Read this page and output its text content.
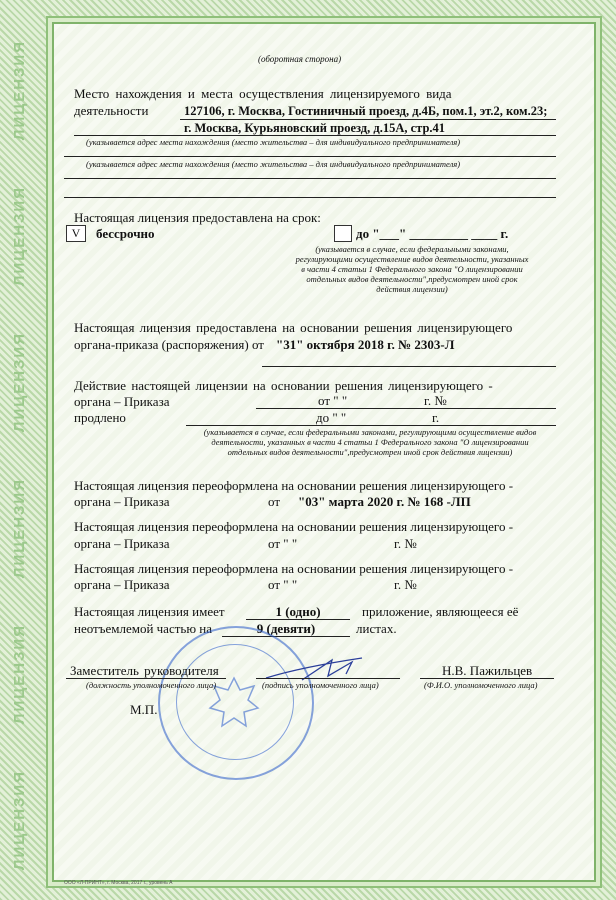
ЛИЦЕНЗИЯ
ЛИЦЕНЗИЯ
ЛИЦЕНЗИЯ
ЛИЦЕНЗИЯ
ЛИЦЕНЗИЯ
ЛИЦЕНЗИЯ
(оборотная сторона)
Место нахождения и места осуществления лицензируемого вида
деятельности	127106, г. Москва, Гостиничный проезд, д.4Б, пом.1, эт.2, ком.23;
г. Москва, Курьяновский проезд, д.15А, стр.41
(указывается адрес места нахождения (место жительства – для индивидуального предпринимателя)
(указывается адрес места нахождения (место жительства – для индивидуального предпринимателя)
Настоящая лицензия предоставлена на срок:
V	бессрочно	до "___" _________ ____ г.
(указывается в случае, если федеральными законами,
регулирующими осуществление видов деятельности, указанных
в части 4 статьи 1 Федерального закона "О лицензировании
отдельных видов деятельности",предусмотрен иной срок
действия лицензии)
Настоящая лицензия предоставлена на основании решения лицензирующего
органа-приказа (распоряжения) от "31" октября 2018 г. № 2303-Л
Действие настоящей лицензии на основании решения лицензирующего -
органа – Приказа
продлено
от " "	г. №
до " "	г.
(указывается в случае, если федеральными законами, регулирующими осуществление видов
деятельности, указанных в части 4 статьи 1 Федерального закона "О лицензировании
отдельных видов деятельности",предусмотрен иной срок действия лицензии)
Настоящая лицензия переоформлена на основании решения лицензирующего -
органа – Приказа	от "03" марта 2020 г. № 168 -ЛП
Настоящая лицензия переоформлена на основании решения лицензирующего -
органа – Приказа	от " "	г. №
Настоящая лицензия переоформлена на основании решения лицензирующего -
органа – Приказа	от " "	г. №
Настоящая лицензия имеет	1 (одно)	приложение, являющееся её
неотъемлемой частью на	9 (девяти)	листах.
Заместитель руководителя
(должность уполномоченного лица)	(подпись уполномоченного лица)
Н.В. Пажильцев
(Ф.И.О. уполномоченного лица)
М.П.
ООО «Л-ПРИНТ», г. Москва, 2017 г., уровень А
